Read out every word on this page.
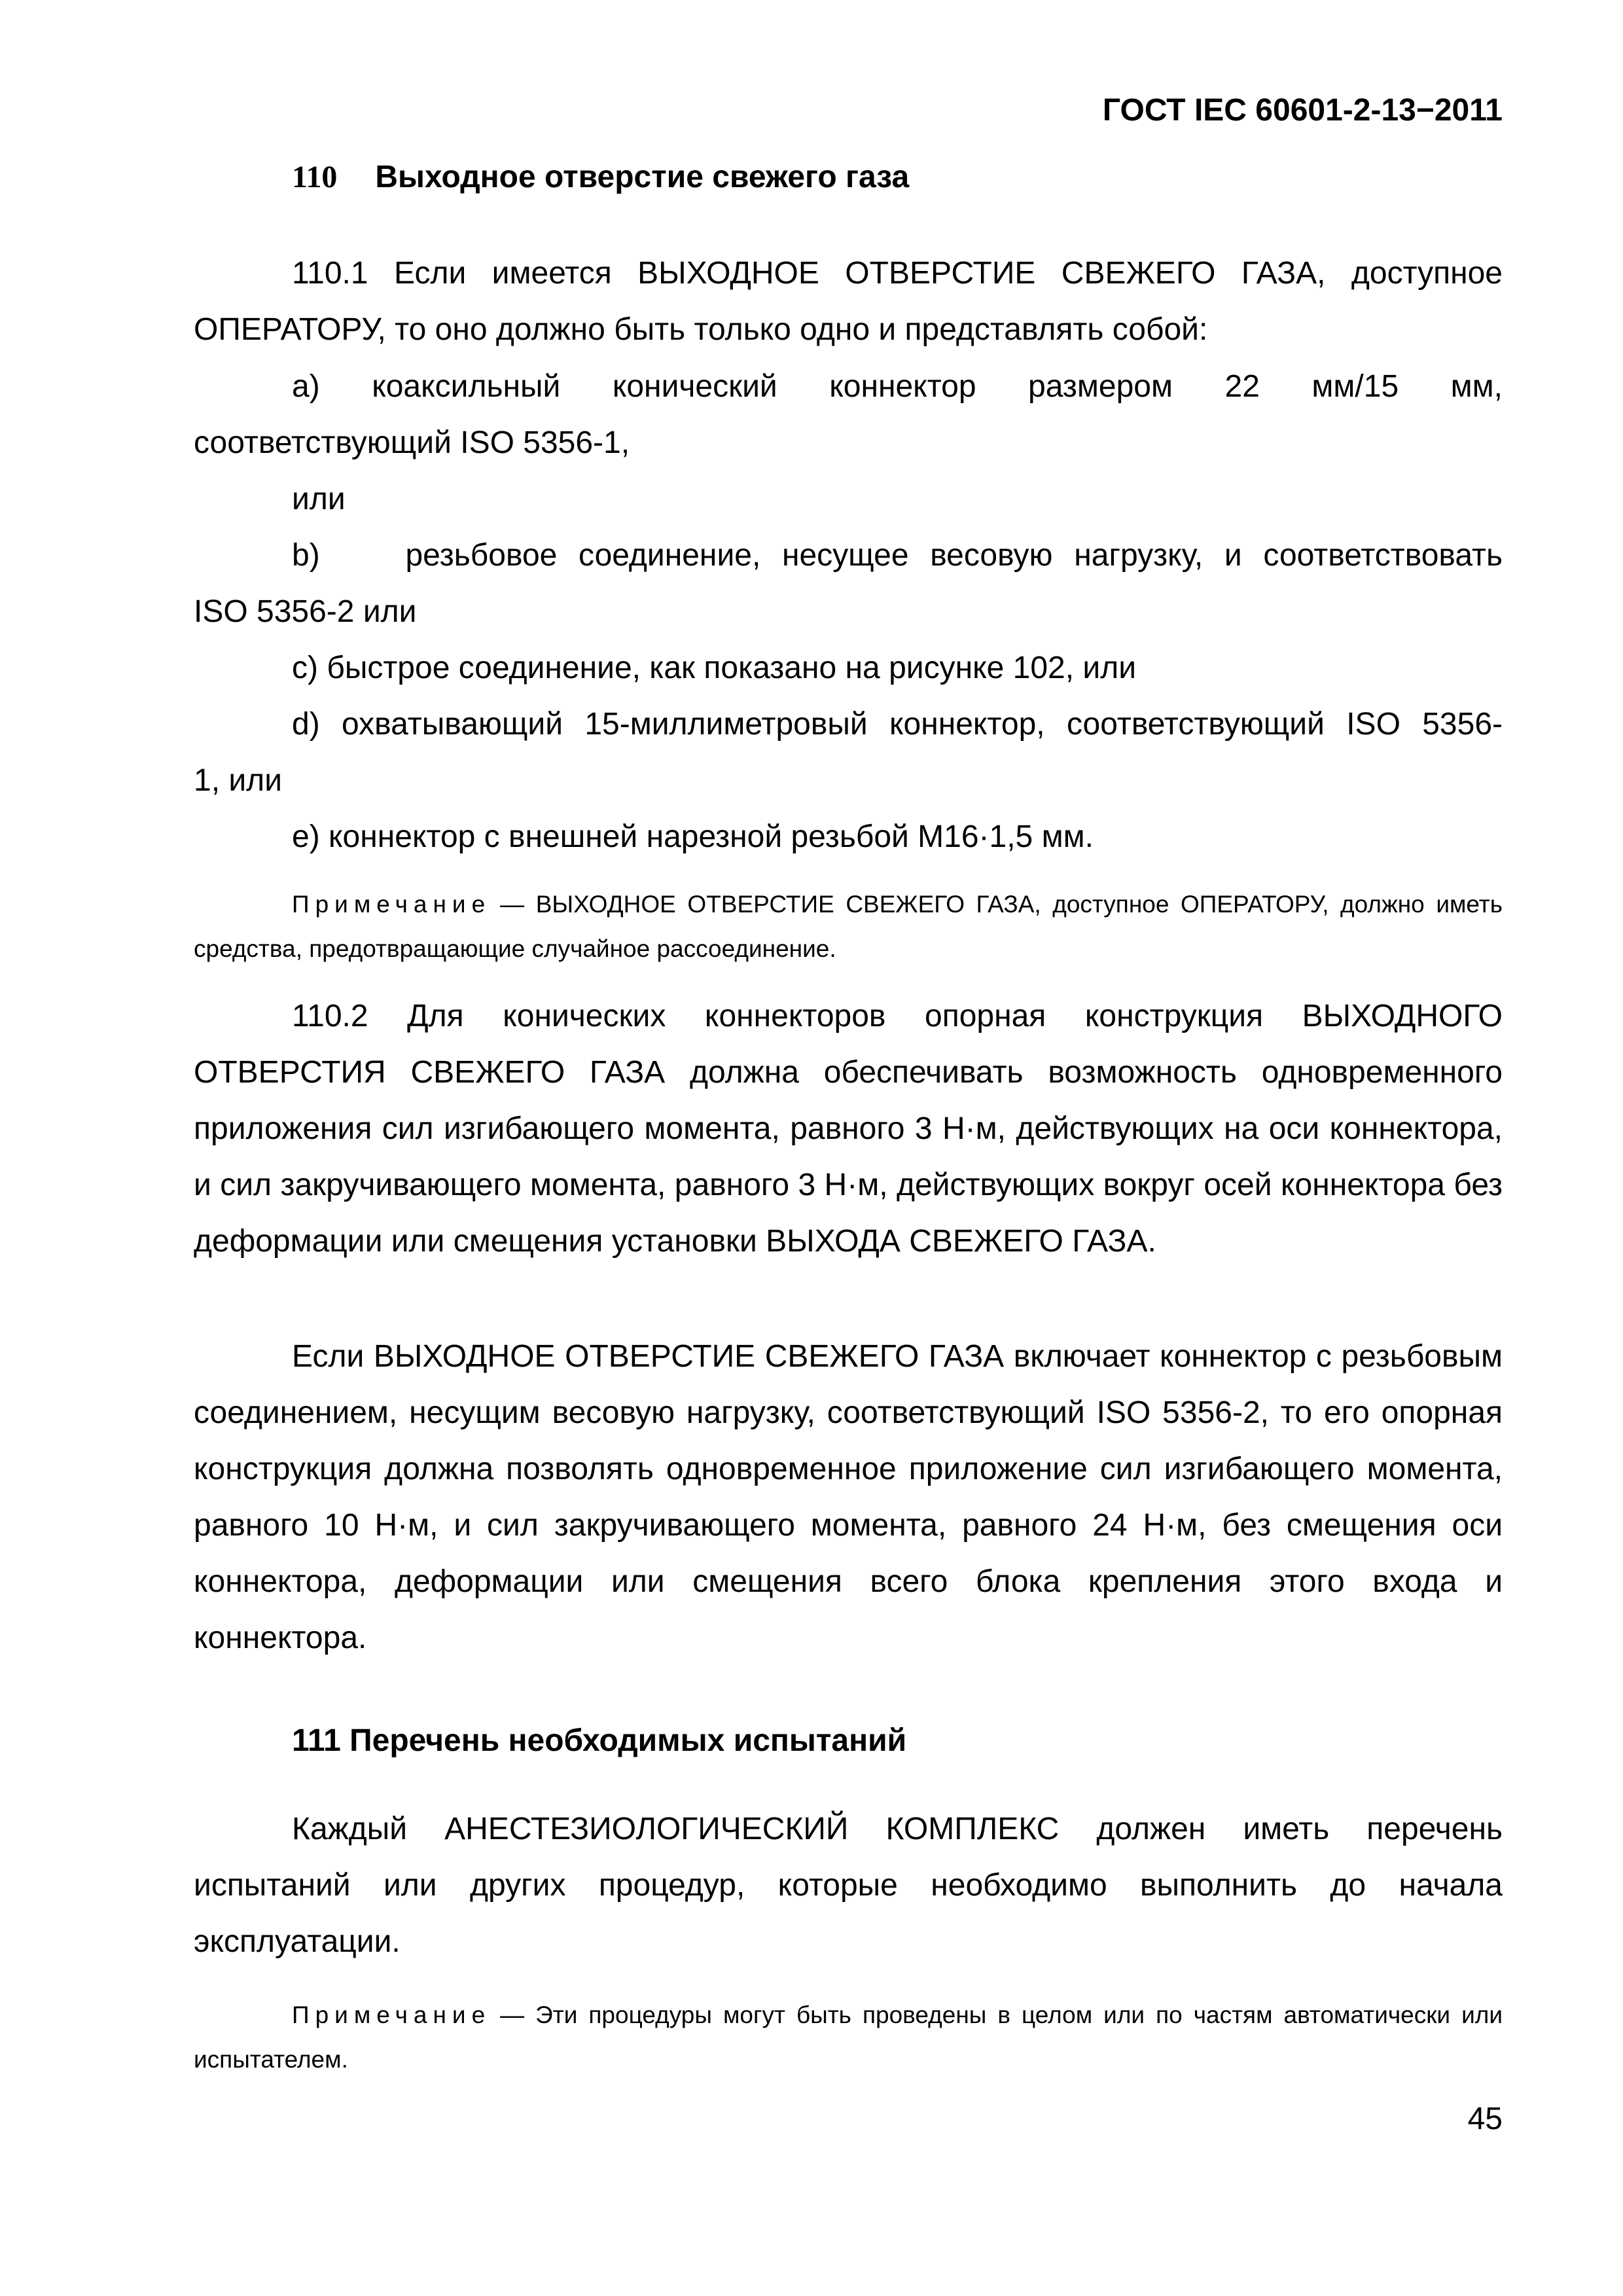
ГОСТ IEC 60601-2-13−2011

110 Выходное отверстие свежего газа

110.1 Если имеется ВЫХОДНОЕ ОТВЕРСТИЕ СВЕЖЕГО ГАЗА, доступное ОПЕРАТОРУ, то оно должно быть только одно и представлять собой:

а) коаксильный конический коннектор размером 22 мм/15 мм,

соответствующий ISO 5356-1,

или

b)    резьбовое соединение, несущее весовую нагрузку, и соответствовать

ISO 5356-2 или

c) быстрое соединение, как показано на рисунке 102, или

d) охватывающий 15-миллиметровый коннектор, соответствующий ISO 5356-

1, или

e) коннектор с внешней нарезной резьбой M16·1,5 мм.

Примечание — ВЫХОДНОЕ ОТВЕРСТИЕ СВЕЖЕГО ГАЗА, доступное ОПЕРАТОРУ, должно иметь средства, предотвращающие случайное рассоединение.

110.2 Для конических коннекторов опорная конструкция ВЫХОДНОГО ОТВЕРСТИЯ СВЕЖЕГО ГАЗА должна обеспечивать возможность одновременного приложения сил изгибающего момента, равного 3 Н·м, действующих на оси коннектора, и сил закручивающего момента, равного 3 Н·м, действующих вокруг осей коннектора без деформации или смещения установки ВЫХОДА СВЕЖЕГО ГАЗА.

Если ВЫХОДНОЕ ОТВЕРСТИЕ СВЕЖЕГО ГАЗА включает коннектор с резьбовым соединением, несущим весовую нагрузку, соответствующий ISO 5356-2, то его опорная конструкция должна позволять одновременное приложение сил изгибающего момента, равного 10 Н·м, и сил закручивающего момента, равного 24 Н·м, без смещения оси коннектора, деформации или смещения всего блока крепления этого входа и коннектора.

111 Перечень необходимых испытаний

Каждый АНЕСТЕЗИОЛОГИЧЕСКИЙ КОМПЛЕКС должен иметь перечень испытаний или других процедур, которые необходимо выполнить до начала эксплуатации.

Примечание — Эти процедуры могут быть проведены в целом или по частям автоматически или испытателем.

45
